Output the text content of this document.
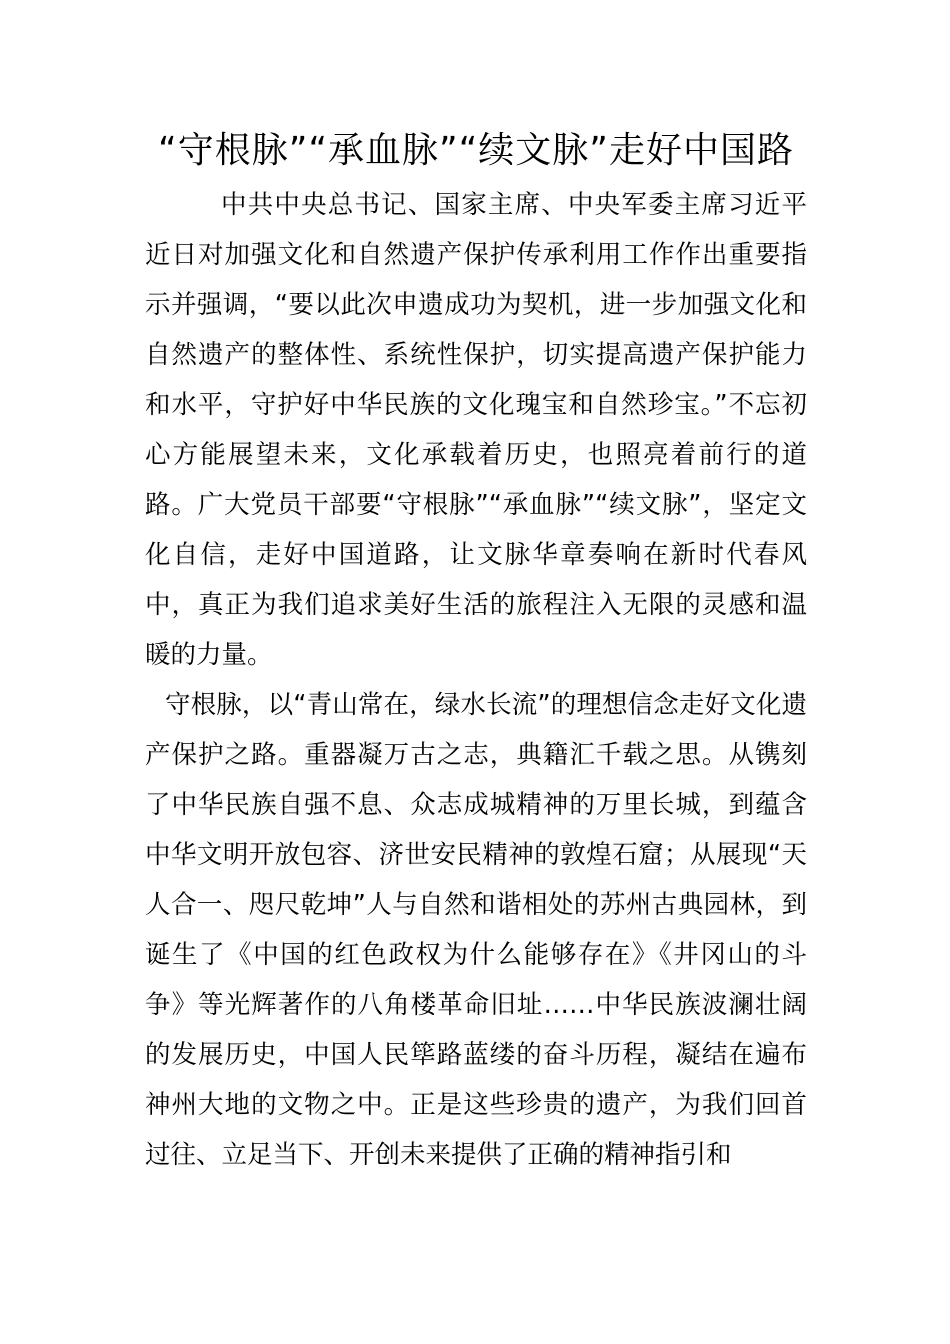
“守根脉”“承血脉”“续文脉”走好中国路

中共中央总书记、国家主席、中央军委主席习近平近日对加强文化和自然遗产保护传承利用工作作出重要指示并强调，“要以此次申遗成功为契机，进一步加强文化和自然遗产的整体性、系统性保护，切实提高遗产保护能力和水平，守护好中华民族的文化瑰宝和自然珍宝。”不忘初心方能展望未来，文化承载着历史，也照亮着前行的道路。广大党员干部要“守根脉”“承血脉”“续文脉”，坚定文化自信，走好中国道路，让文脉华章奏响在新时代春风中，真正为我们追求美好生活的旅程注入无限的灵感和温暖的力量。

守根脉，以“青山常在，绿水长流”的理想信念走好文化遗产保护之路。重器凝万古之志，典籍汇千载之思。从镌刻了中华民族自强不息、众志成城精神的万里长城，到蕴含中华文明开放包容、济世安民精神的敦煌石窟；从展现“天人合一、咫尺乾坤”人与自然和谐相处的苏州古典园林，到诞生了《中国的红色政权为什么能够存在》《井冈山的斗争》等光辉著作的八角楼革命旧址……中华民族波澜壮阔的发展历史，中国人民筚路蓝缕的奋斗历程，凝结在遍布神州大地的文物之中。正是这些珍贵的遗产，为我们回首过往、立足当下、开创未来提供了正确的精神指引和
